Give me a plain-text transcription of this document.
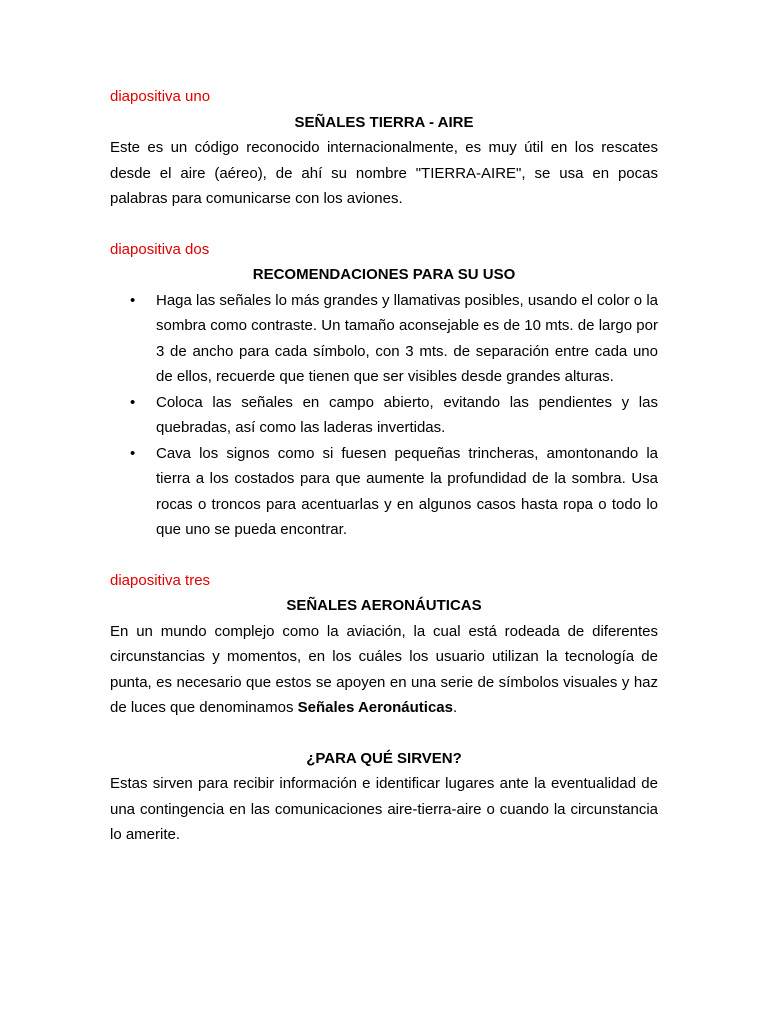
diapositiva uno

SEÑALES TIERRA - AIRE

Este es un código reconocido internacionalmente, es muy útil en los rescates desde el aire (aéreo), de ahí su nombre "TIERRA-AIRE", se usa en pocas palabras para comunicarse con los aviones.

diapositiva dos

RECOMENDACIONES PARA SU USO

• Haga las señales lo más grandes y llamativas posibles, usando el color o la sombra como contraste. Un tamaño aconsejable es de 10 mts. de largo por 3 de ancho para cada símbolo, con 3 mts. de separación entre cada uno de ellos, recuerde que tienen que ser visibles desde grandes alturas.
• Coloca las señales en campo abierto, evitando las pendientes y las quebradas, así como las laderas invertidas.
• Cava los signos como si fuesen pequeñas trincheras, amontonando la tierra a los costados para que aumente la profundidad de la sombra. Usa rocas o troncos para acentuarlas y en algunos casos hasta ropa o todo lo que uno se pueda encontrar.

diapositiva tres

SEÑALES AERONÁUTICAS

En un mundo complejo como la aviación, la cual está rodeada de diferentes circunstancias y momentos, en los cuáles los usuario utilizan la tecnología de punta, es necesario que estos se apoyen en una serie de símbolos visuales y haz de luces que denominamos Señales Aeronáuticas.

¿PARA QUÉ SIRVEN?

Estas sirven para recibir información e identificar lugares ante la eventualidad de una contingencia en las comunicaciones aire-tierra-aire o cuando la circunstancia lo amerite.
